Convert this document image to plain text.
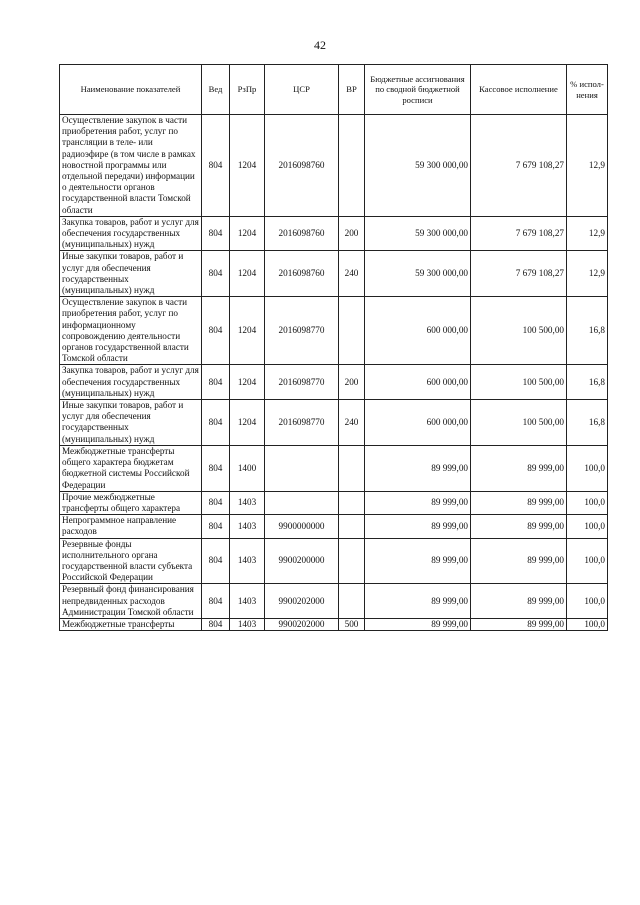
42
Наименование показателей	Вед	РзПр	ЦСР	ВР	Бюджетные ассигнования по сводной бюджетной росписи	Кассовое исполнение	% испол-нения
Осуществление закупок в части приобретения работ, услуг по трансляции в теле- или радиоэфире (в том числе в рамках новостной программы или отдельной передачи) информации о деятельности органов государственной власти Томской области	804	1204	2016098760		59 300 000,00	7 679 108,27	12,9
Закупка товаров, работ и услуг для обеспечения государственных (муниципальных) нужд	804	1204	2016098760	200	59 300 000,00	7 679 108,27	12,9
Иные закупки товаров, работ и услуг для обеспечения государственных (муниципальных) нужд	804	1204	2016098760	240	59 300 000,00	7 679 108,27	12,9
Осуществление закупок в части приобретения работ, услуг по информационному сопровождению деятельности органов государственной власти Томской области	804	1204	2016098770		600 000,00	100 500,00	16,8
Закупка товаров, работ и услуг для обеспечения государственных (муниципальных) нужд	804	1204	2016098770	200	600 000,00	100 500,00	16,8
Иные закупки товаров, работ и услуг для обеспечения государственных (муниципальных) нужд	804	1204	2016098770	240	600 000,00	100 500,00	16,8
Межбюджетные трансферты общего характера бюджетам бюджетной системы Российской Федерации	804	1400			89 999,00	89 999,00	100,0
Прочие межбюджетные трансферты общего характера	804	1403			89 999,00	89 999,00	100,0
Непрограммное направление расходов	804	1403	9900000000		89 999,00	89 999,00	100,0
Резервные фонды исполнительного органа государственной власти субъекта Российской Федерации	804	1403	9900200000		89 999,00	89 999,00	100,0
Резервный фонд финансирования непредвиденных расходов Администрации Томской области	804	1403	9900202000		89 999,00	89 999,00	100,0
Межбюджетные трансферты	804	1403	9900202000	500	89 999,00	89 999,00	100,0
